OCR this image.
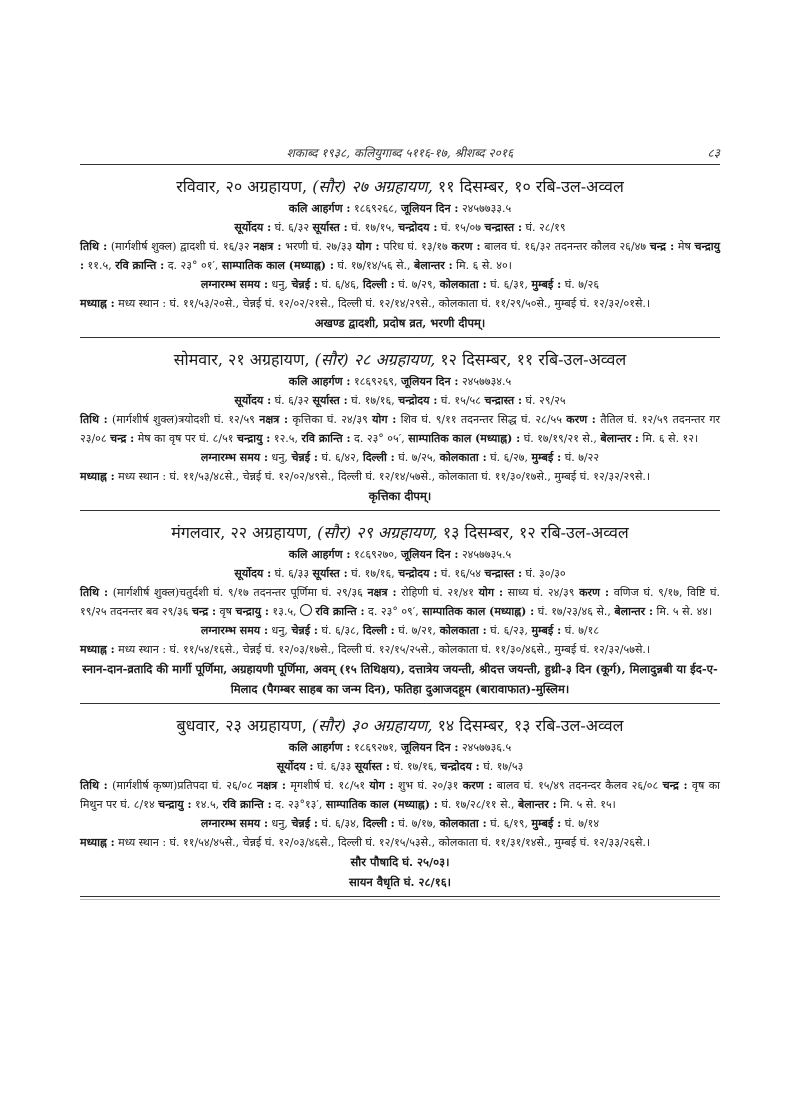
शकाब्द १९३८, कलियुगाब्द ५११६-१७, श्रीशब्द २०१६	८३
रविवार, २० अग्रहायण, (सौर) २७ अग्रहायण, ११ दिसम्बर, १० रबि-उल-अव्वल
कलि आहर्गण : १८६९२६८, जूलियन दिन : २४५७७३३.५
सूर्योदय : घं. ६/३२ सूर्यास्त : घं. १७/१५, चन्द्रोदय : घं. १५/०७ चन्द्रास्त : घं. २८/१९
तिथि : (मार्गशीर्ष शुक्ल) द्वादशी घं. १६/३२ नक्षत्र : भरणी घं. २७/३३ योग : परिध घं. १३/१७ करण : बालव घं. १६/३२ तदनन्तर कौलव २६/४७ चन्द्र : मेष चन्द्रायु : ११.५, रवि क्रान्ति : द. २३° ०१′, साम्पातिक काल (मध्याह्न) : घं. १७/१४/५६ से., बेलान्तर : मि. ६ से. ४०।
लग्नारम्भ समय : धनु, चेन्नई : घं. ६/४६, दिल्ली : घं. ७/२९, कोलकाता : घं. ६/३१, मुम्बई : घं. ७/२६
मध्याह्न : मध्य स्थान : घं. ११/५३/२०से., चेन्नई घं. १२/०२/२१से., दिल्ली घं. १२/१४/२९से., कोलकाता घं. ११/२९/५०से., मुम्बई घं. १२/३२/०१से.।
अखण्ड द्वादशी, प्रदोष व्रत, भरणी दीपम्।
सोमवार, २१ अग्रहायण, (सौर) २८ अग्रहायण, १२ दिसम्बर, ११ रबि-उल-अव्वल
कलि आहर्गण : १८६९२६९, जूलियन दिन : २४५७७३४.५
सूर्योदय : घं. ६/३२ सूर्यास्त : घं. १७/१६, चन्द्रोदय : घं. १५/५८ चन्द्रास्त : घं. २९/२५
तिथि : (मार्गशीर्ष शुक्ल)त्रयोदशी घं. १२/५९ नक्षत्र : कृत्तिका घं. २४/३९ योग : शिव घं. ९/११ तदनन्तर सिद्ध घं. २८/५५ करण : तैतिल घं. १२/५९ तदनन्तर गर २३/०८ चन्द्र : मेष का वृष पर घं. ८/५१ चन्द्रायु : १२.५, रवि क्रान्ति : द. २३° ०५′, साम्पातिक काल (मध्याह्न) : घं. १७/१९/२१ से., बेलान्तर : मि. ६ से. १२।
लग्नारम्भ समय : धनु, चेन्नई : घं. ६/४२, दिल्ली : घं. ७/२५, कोलकाता : घं. ६/२७, मुम्बई : घं. ७/२२
मध्याह्न : मध्य स्थान : घं. ११/५३/४८से., चेन्नई घं. १२/०२/४९से., दिल्ली घं. १२/१४/५७से., कोलकाता घं. ११/३०/१७से., मुम्बई घं. १२/३२/२९से.।
कृत्तिका दीपम्।
मंगलवार, २२ अग्रहायण, (सौर) २९ अग्रहायण, १३ दिसम्बर, १२ रबि-उल-अव्वल
कलि आहर्गण : १८६९२७०, जूलियन दिन : २४५७७३५.५
सूर्योदय : घं. ६/३३ सूर्यास्त : घं. १७/१६, चन्द्रोदय : घं. १६/५४ चन्द्रास्त : घं. ३०/३०
तिथि : (मार्गशीर्ष शुक्ल)चतुर्दशी घं. ९/१७ तदनन्तर पूर्णिमा घं. २९/३६ नक्षत्र : रोहिणी घं. २१/४१ योग : साध्य घं. २४/३९ करण : वणिज घं. ९/१७, विष्टि घं. १९/२५ तदनन्तर बव २९/३६ चन्द्र : वृष चन्द्रायु : १३.५,  रवि क्रान्ति : द. २३° ०९′, साम्पातिक काल (मध्याह्न) : घं. १७/२३/४६ से., बेलान्तर : मि. ५ से. ४४।
लग्नारम्भ समय : धनु, चेन्नई : घं. ६/३८, दिल्ली : घं. ७/२१, कोलकाता : घं. ६/२३, मुम्बई : घं. ७/१८
मध्याह्न : मध्य स्थान : घं. ११/५४/१६से., चेन्नई घं. १२/०३/१७से., दिल्ली घं. १२/१५/२५से., कोलकाता घं. ११/३०/४६से., मुम्बई घं. १२/३२/५७से.।
स्नान-दान-व्रतादि की मार्गी पूर्णिमा, अग्रहायणी पूर्णिमा, अवम् (१५ तिथिक्षय), दत्तात्रेय जयन्ती, श्रीदत्त जयन्ती, हुथ्री-३ दिन (कूर्ग), मिलादुन्नबी या ईद-ए-मिलाद (पैगम्बर साहब का जन्म दिन), फतिहा दुआजदहूम (बारावाफात)-मुस्लिम।
बुधवार, २३ अग्रहायण, (सौर) ३० अग्रहायण, १४ दिसम्बर, १३ रबि-उल-अव्वल
कलि आहर्गण : १८६९२७१, जूलियन दिन : २४५७७३६.५
सूर्योदय : घं. ६/३३ सूर्यास्त : घं. १७/१६, चन्द्रोदय : घं. १७/५३
तिथि : (मार्गशीर्ष कृष्ण)प्रतिपदा घं. २६/०८ नक्षत्र : मृगशीर्ष घं. १८/५१ योग : शुभ घं. २०/३१ करण : बालव घं. १५/४९ तदनन्दर कैलव २६/०८ चन्द्र : वृष का मिथुन पर घं. ८/१४ चन्द्रायु : १४.५, रवि क्रान्ति : द. २३°१३′, साम्पातिक काल (मध्याह्न) : घं. १७/२८/११ से., बेलान्तर : मि. ५ से. १५।
लग्नारम्भ समय : धनु, चेन्नई : घं. ६/३४, दिल्ली : घं. ७/१७, कोलकाता : घं. ६/१९, मुम्बई : घं. ७/१४
मध्याह्न : मध्य स्थान : घं. ११/५४/४५से., चेन्नई घं. १२/०३/४६से., दिल्ली घं. १२/१५/५३से., कोलकाता घं. ११/३१/१४से., मुम्बई घं. १२/३३/२६से.।
सौर पौषादि घं. २५/०३।
सायन वैधृति घं. २८/१६।
